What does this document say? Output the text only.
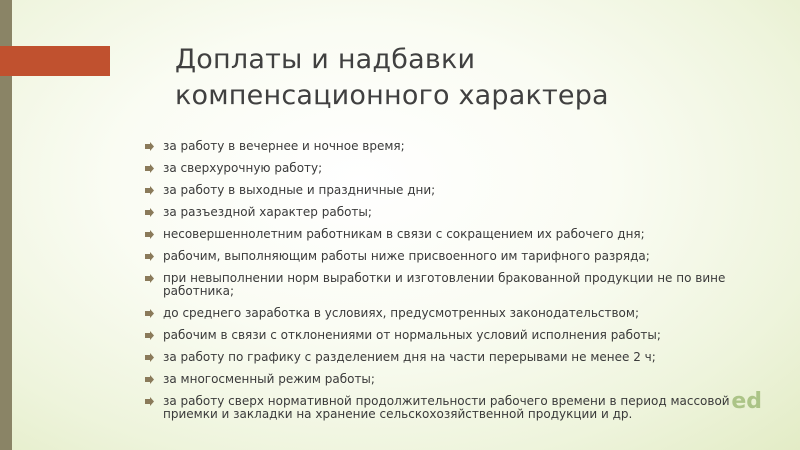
Доплаты и надбавки
компенсационного характера
за работу в вечернее и ночное время;
за сверхурочную работу;
за работу в выходные и праздничные дни;
за разъездной характер работы;
несовершеннолетним работникам в связи с сокращением их рабочего дня;
рабочим, выполняющим работы ниже присвоенного им тарифного разряда;
при невыполнении норм выработки и изготовлении бракованной продукции не по вине работника;
до среднего заработка в условиях, предусмотренных законодательством;
рабочим в связи с отклонениями от нормальных условий исполнения работы;
за работу по графику с разделением дня на части перерывами не менее 2 ч;
за многосменный режим работы;
за работу сверх нормативной продолжительности рабочего времени в период массовой приемки и закладки на хранение сельскохозяйственной продукции и др.	ed
